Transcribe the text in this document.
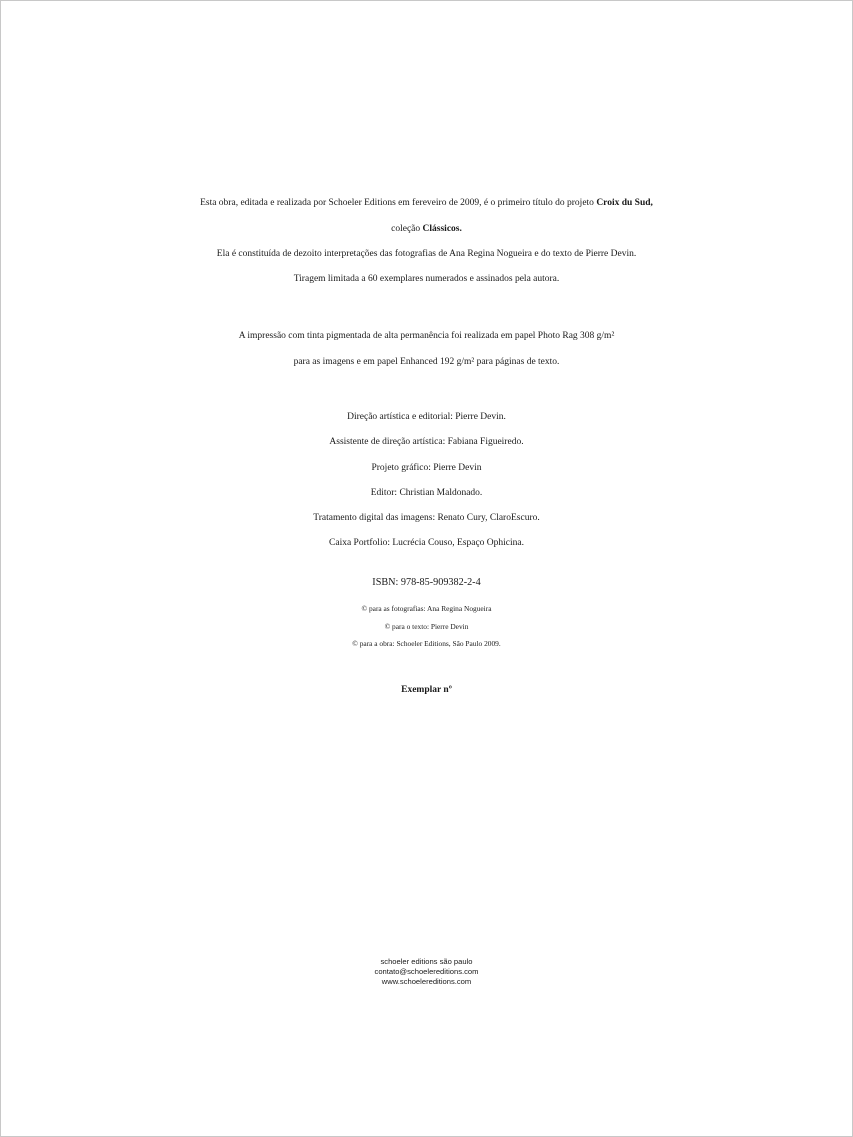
Esta obra, editada e realizada por Schoeler Editions em fereveiro de 2009, é o primeiro título do projeto Croix du Sud,
coleção Clássicos.
Ela é constituída de dezoito interpretações das fotografias de Ana Regina Nogueira e do texto de Pierre Devin.
Tiragem limitada a 60 exemplares numerados e assinados pela autora.
A impressão com tinta pigmentada de alta permanência foi realizada em papel Photo Rag 308 g/m²
para as imagens e em papel Enhanced 192 g/m² para páginas de texto.
Direção artística e editorial: Pierre Devin.
Assistente de direção artística: Fabiana Figueiredo.
Projeto gráfico: Pierre Devin
Editor: Christian Maldonado.
Tratamento digital das imagens: Renato Cury, ClaroEscuro.
Caixa Portfolio: Lucrécia Couso, Espaço Ophicina.
ISBN: 978-85-909382-2-4
© para as fotografias: Ana Regina Nogueira
© para o texto: Pierre Devin
© para a obra: Schoeler Editions, São Paulo 2009.
Exemplar nº
schoeler editions são paulo
contato@schoelereditions.com
www.schoelereditions.com
